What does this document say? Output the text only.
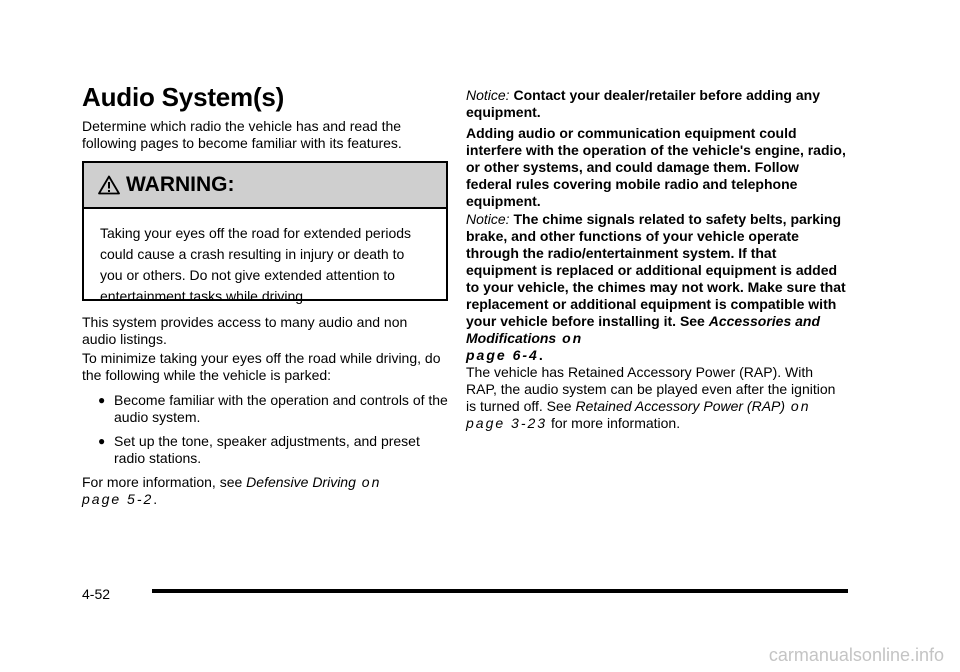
Audio System(s)

Determine which radio the vehicle has and read the following pages to become familiar with its features.

WARNING:
Taking your eyes off the road for extended periods could cause a crash resulting in injury or death to you or others. Do not give extended attention to entertainment tasks while driving.

This system provides access to many audio and non audio listings.

To minimize taking your eyes off the road while driving, do the following while the vehicle is parked:

● Become familiar with the operation and controls of the audio system.
● Set up the tone, speaker adjustments, and preset radio stations.

For more information, see Defensive Driving on
page 5-2.

Notice: Contact your dealer/retailer before adding any equipment.

Adding audio or communication equipment could interfere with the operation of the vehicle's engine, radio, or other systems, and could damage them. Follow federal rules covering mobile radio and telephone equipment.

Notice: The chime signals related to safety belts, parking brake, and other functions of your vehicle operate through the radio/entertainment system. If that equipment is replaced or additional equipment is added to your vehicle, the chimes may not work. Make sure that replacement or additional equipment is compatible with your vehicle before installing it. See Accessories and Modifications on
page 6-4.

The vehicle has Retained Accessory Power (RAP). With RAP, the audio system can be played even after the ignition is turned off. See Retained Accessory Power (RAP) on page 3-23 for more information.

4-52
carmanualsonline.info
